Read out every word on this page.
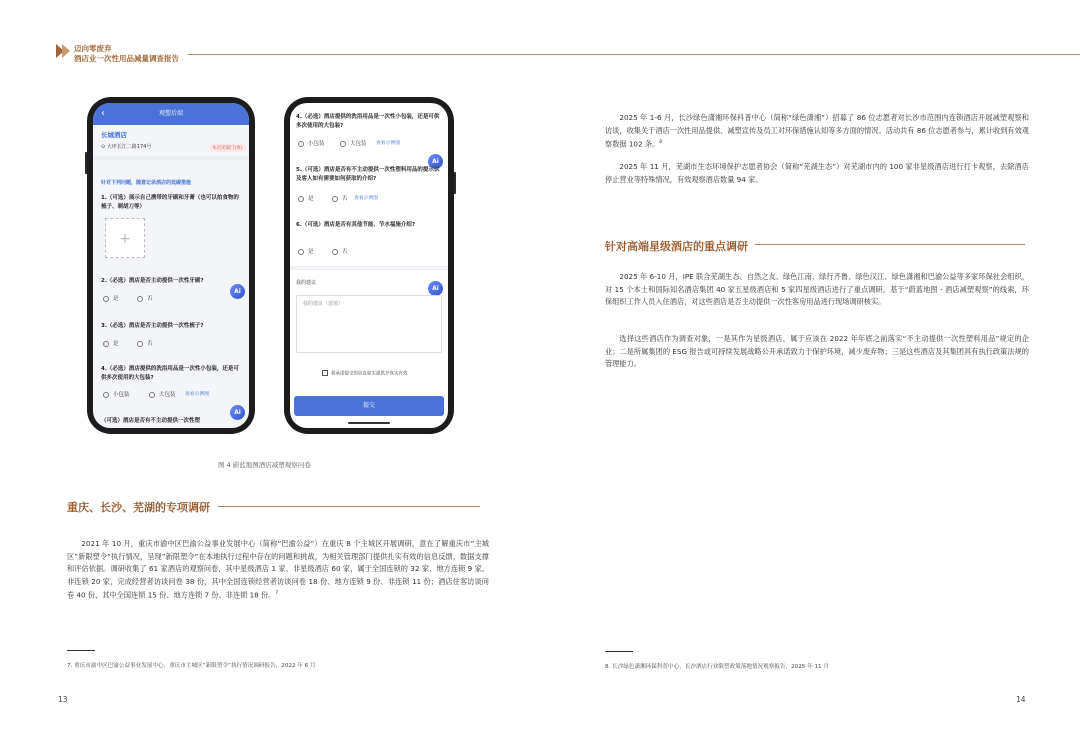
迈向零废弃
酒店业一次性用品减量调查报告
观塑后端
‹
长城酒店
⊙ 大坪长江二路174号	本店见部门(更)
针对下列问题，随意记录酒店的低碳措施
1.（可选）展示自己携带的牙刷和牙膏（也可以拍食物的梳子、剃胡刀等）
+
2.（必选）酒店是否主动提供一次性牙刷?
是	否
Ai
3.（必选）酒店是否主动提供一次性梳子?
是	否
4.（必选）酒店提供的洗浴用品是一次性小包装，还是可供多次使用的大包装?
小包装	大包装 查看示例图
Ai
（可选）酒店是否有不主动提供一次性塑
4.（必选）酒店提供的洗浴用品是一次性小包装，还是可供多次使用的大包装?
小包装	大包装 查看示例图
Ai
5.（可选）酒店是否有不主动提供一次性塑料用品的提示以及客人如有需要如何获取的介绍?
是	否 查看示例图
6.（可选）酒店是否有其他节能、节水福施介绍?
是	否
我的建议
Ai
我的建议（选填）
我承诺提交的信息如实提供并真实有效
提交
图 4 蔚蓝地图酒店减塑观察问卷
重庆、长沙、芜湖的专项调研
2021 年 10 月，重庆市渝中区巴渝公益事业发展中心（简称“巴渝公益”）在重庆 8 个主城区开展调研，意在了解重庆市“主城区”新限塑令”执行情况，呈现”新限塑令”在本地执行过程中存在的问题和挑战，为相关管理部门提供扎实有效的信息反馈、数据支撑和评估依据。调研收集了 61 家酒店的观察问卷，其中星级酒店 1 家、非星级酒店 60 家，属于全国连锁的 32 家、地方连锁 9 家、非连锁 20 家，完成经营者访谈问卷 38 份，其中全国连锁经营者访谈问卷 18 份、地方连锁 9 份、非连锁 11 份；酒店住客访谈问卷 40 份，其中全国连锁 15 份、地方连锁 7 份、非连锁 18 份。$^7$
7. 重庆市渝中区巴渝公益事业发展中心，重庆市主城区“新限塑令”执行情况调研报告，2022 年 6 月
13
2025 年 1-6 月，长沙绿色潇湘环保科普中心（简称“绿色潇湘”）招募了 86 位志愿者对长沙市范围内连锁酒店开展减塑观察和访谈，收集关于酒店一次性用品提供、减塑宣传及员工对环保措施认知等多方面的情况。活动共有 86 位志愿者参与，累计收到有效观察数据 102 条。$^8$
2025 年 11 月，芜湖市生态环境保护志愿者协会（简称“芜湖生态”）对芜湖市内的 100 家非星级酒店进行打卡观察，去除酒店停止营业等特殊情况，有效观察酒店数量 94 家。
针对高端星级酒店的重点调研
2025 年 6-10 月，IPE 联合芜湖生态、自然之友、绿色江南、绿行齐鲁、绿色汉江、绿色潇湘和巴渝公益等多家环保社会组织，对 15 个本土和国际知名酒店集团 40 家五星级酒店和 5 家四星级酒店进行了重点调研。基于“蔚蓝地图 - 酒店减塑观察”的线索，环保组织工作人员入住酒店，对这些酒店是否主动提供一次性客房用品进行现场调研核实。
选择这些酒店作为调查对象，一是其作为星级酒店，属于应该在 2022 年年底之前落实“不主动提供一次性塑料用品”规定的企业；二是所属集团的 ESG 报告或可持续发展战略公开承诺致力于保护环境，减少废弃物；三是这些酒店及其集团具有执行政策法规的管理能力。
8. 长沙绿色潇湘环保科普中心，长沙酒店行业限塑政策落地情况观察报告，2025 年 11 月
14
